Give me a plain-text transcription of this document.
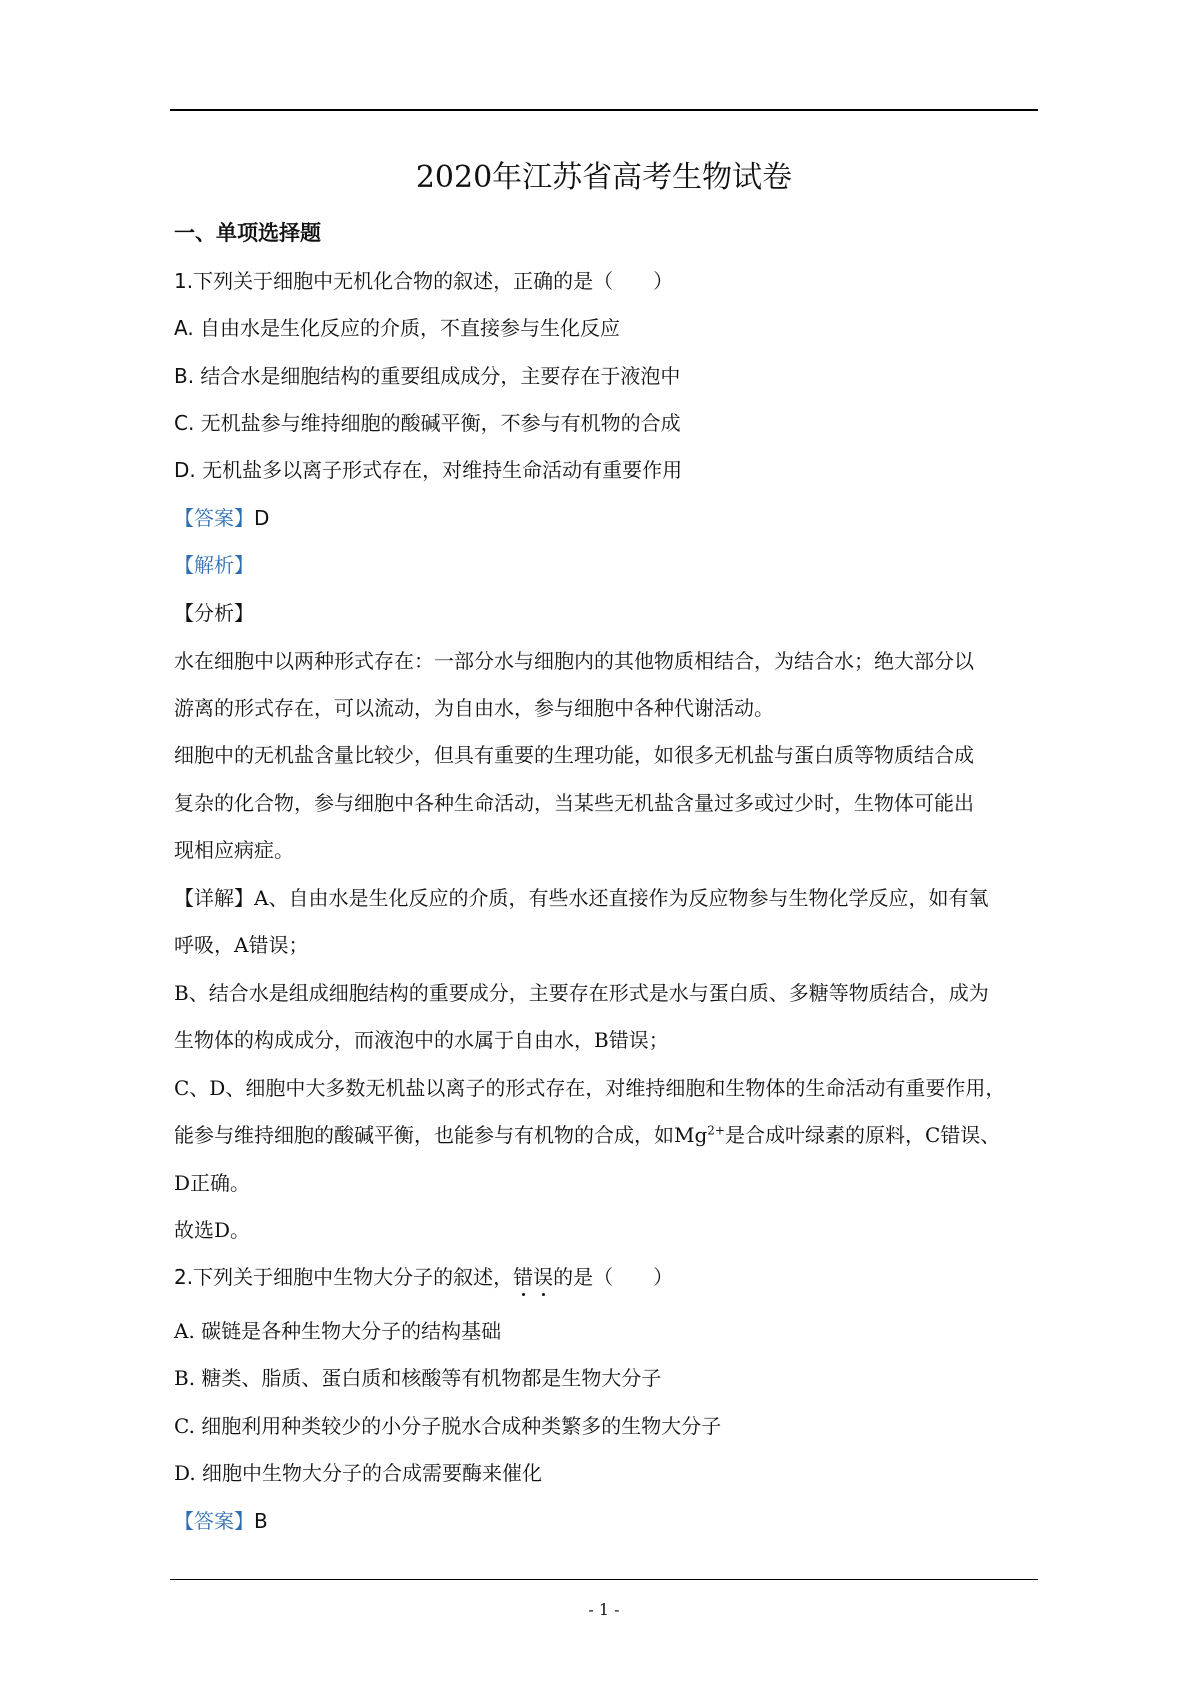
2020年江苏省高考生物试卷
一、单项选择题
1.下列关于细胞中无机化合物的叙述，正确的是（　　）
A. 自由水是生化反应的介质，不直接参与生化反应
B. 结合水是细胞结构的重要组成成分，主要存在于液泡中
C. 无机盐参与维持细胞的酸碱平衡，不参与有机物的合成
D. 无机盐多以离子形式存在，对维持生命活动有重要作用
【答案】D
【解析】
【分析】
水在细胞中以两种形式存在：一部分水与细胞内的其他物质相结合，为结合水；绝大部分以
游离的形式存在，可以流动，为自由水，参与细胞中各种代谢活动。
细胞中的无机盐含量比较少，但具有重要的生理功能，如很多无机盐与蛋白质等物质结合成
复杂的化合物，参与细胞中各种生命活动，当某些无机盐含量过多或过少时，生物体可能出
现相应病症。
【详解】A、自由水是生化反应的介质，有些水还直接作为反应物参与生物化学反应，如有氧
呼吸，A错误；
B、结合水是组成细胞结构的重要成分，主要存在形式是水与蛋白质、多糖等物质结合，成为
生物体的构成成分，而液泡中的水属于自由水，B错误；
C、D、细胞中大多数无机盐以离子的形式存在，对维持细胞和生物体的生命活动有重要作用，
能参与维持细胞的酸碱平衡，也能参与有机物的合成，如$Mg^{2+}$是合成叶绿素的原料，C错误、
D正确。
故选D。
2.下列关于细胞中生物大分子的叙述，错误的是（　　）
A. 碳链是各种生物大分子的结构基础
B. 糖类、脂质、蛋白质和核酸等有机物都是生物大分子
C. 细胞利用种类较少的小分子脱水合成种类繁多的生物大分子
D. 细胞中生物大分子的合成需要酶来催化
【答案】B
- 1 -
